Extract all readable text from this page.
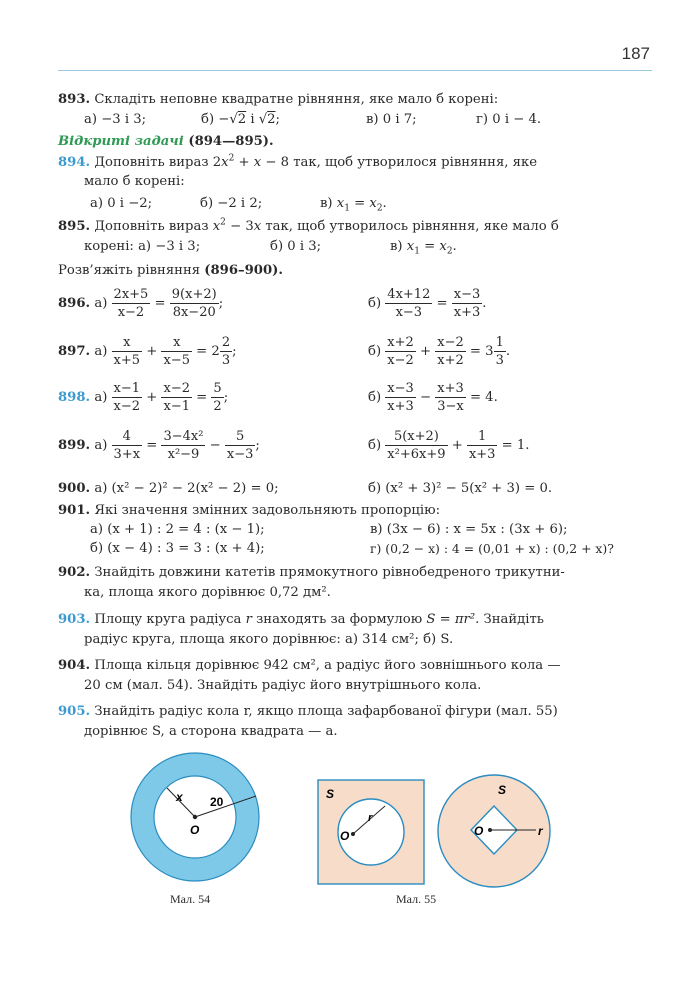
187
893. Складіть неповне квадратне рівняння, яке мало б корені:
а) −3 і 3;	б) −√2 і √2;	в) 0 і 7;	г) 0 і − 4.
Відкриті задачі (894—895).
894. Доповніть вираз $2x^2 + x - 8$ так, щоб утворилося рівняння, яке
мало б корені:
а) 0 і −2;	б) −2 і 2;	в) $x_1 = x_2$.
895. Доповніть вираз $x^2 - 3x$ так, щоб утворилось рівняння, яке мало б
корені: а) −3 і 3;	б) 0 і 3;	в) $x_1 = x_2$.
Розв’яжіть рівняння (896–900).
896. $а) \frac{2x+5}{x-2} = \frac{9(x+2)}{8x-20}$ ;	$б) \frac{4x+12}{x-3} = \frac{x-3}{x+3}$ .
897. $а) \frac{x}{x+5} + \frac{x}{x-5} = 2 \frac{2}{3}$ ;	$б) \frac{x+2}{x-2} + \frac{x-2}{x+2} = 3 \frac{1}{3}$ .
898. $а) \frac{x-1}{x-2} + \frac{x-2}{x-1} = \frac{5}{2}$ ;	$б) \frac{x-3}{x+3} - \frac{x+3}{3-x} = 4$.
899. $а) \frac{4}{3+x} = \frac{\text{3−4x²}}{\text{x²−9}} - \frac{5}{x-3}$ ;	$б) \frac{5(x+2)}{\text{x²+6x+9}} + \frac{1}{x+3} = 1$.
900. а) (x² − 2)² − 2(x² − 2) = 0;	б) (x² + 3)² − 5(x² + 3) = 0.
901. Які значення змінних задовольняють пропорцію:
а) (x + 1) : 2 = 4 : (x − 1);	в) (3x − 6) : x = 5x : (3x + 6);
б) (x − 4) : 3 = 3 : (x + 4);	г) (0,2 − x) : 4 = (0,01 + x) : (0,2 + x)?
902. Знайдіть довжини катетів прямокутного рівнобедреного трикутни-
ка, площа якого дорівнює 0,72 дм².
903. Площу круга радіуса r знаходять за формулою S = πr². Знайдіть
радіус круга, площа якого дорівнює: а) 314 см²; б) S.
904. Площа кільця дорівнює 942 см², а радіус його зовнішнього кола —
20 см (мал. 54). Знайдіть радіус його внутрішнього кола.
905. Знайдіть радіус кола r, якщо площа зафарбованої фігури (мал. 55)
дорівнює S, а сторона квадрата — a.
x 20
O
Мал. 54
S
r
O
S
r
O
Мал. 55
